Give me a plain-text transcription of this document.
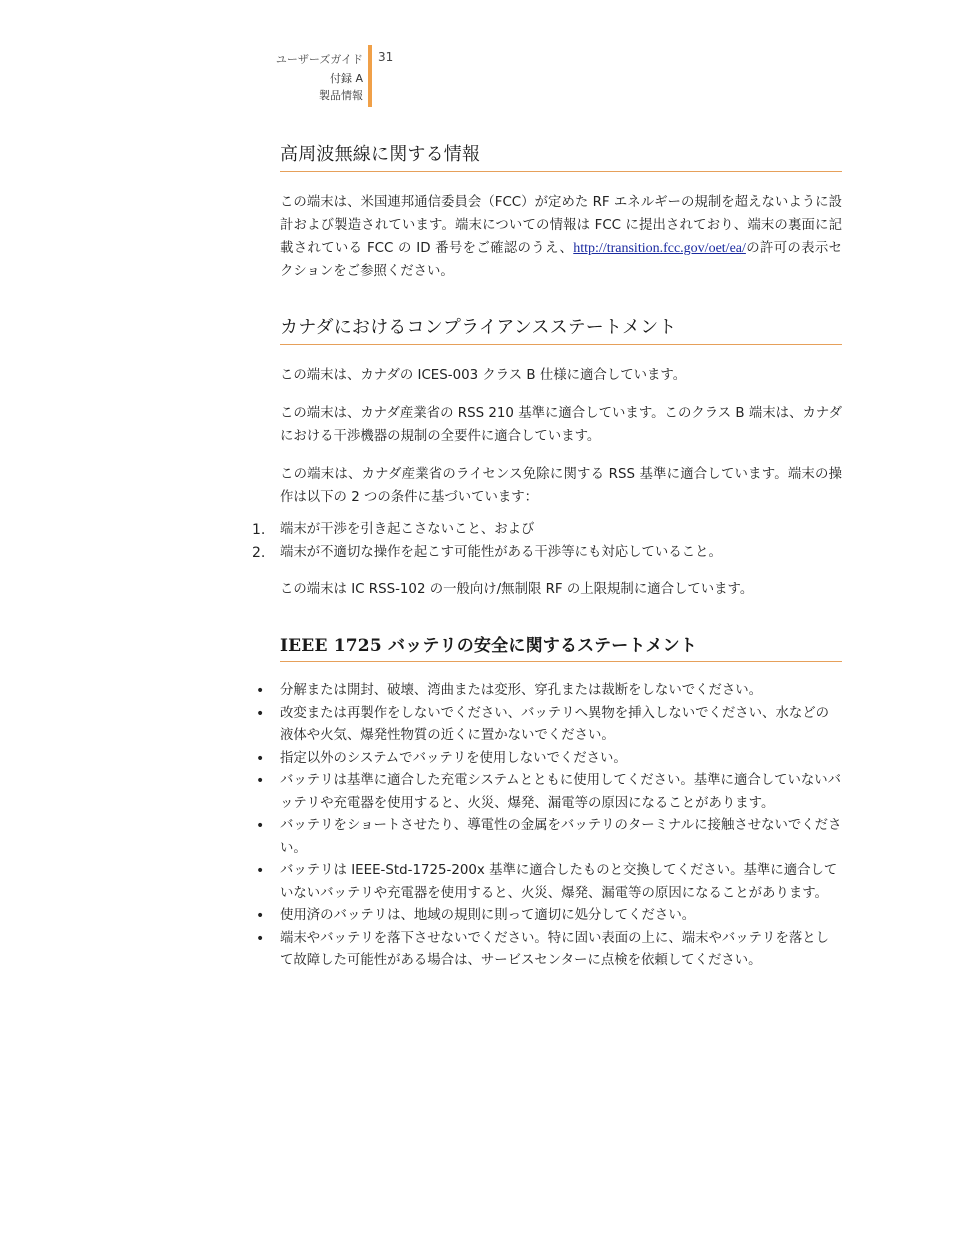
ユーザーズガイド
付録 A
製品情報
31
高周波無線に関する情報

この端末は、米国連邦通信委員会（FCC）が定めた RF エネルギーの規制を超えないように設計および製造されています。端末についての情報は FCC に提出されており、端末の裏面に記載されている FCC の ID 番号をご確認のうえ、http://transition.fcc.gov/oet/ea/の許可の表示セクションをご参照ください。

カナダにおけるコンプライアンスステートメント

この端末は、カナダの ICES-003 クラス B 仕様に適合しています。

この端末は、カナダ産業省の RSS 210 基準に適合しています。このクラス B 端末は、カナダにおける干渉機器の規制の全要件に適合しています。

この端末は、カナダ産業省のライセンス免除に関する RSS 基準に適合しています。端末の操作は以下の 2 つの条件に基づいています：

1.	端末が干渉を引き起こさないこと、および
2.	端末が不適切な操作を起こす可能性がある干渉等にも対応していること。

この端末は IC RSS-102 の一般向け/無制限 RF の上限規制に適合しています。

IEEE 1725 バッテリの安全に関するステートメント
• 分解または開封、破壊、湾曲または変形、穿孔または裁断をしないでください。
• 改変または再製作をしないでください、バッテリへ異物を挿入しないでください、水などの液体や火気、爆発性物質の近くに置かないでください。
• 指定以外のシステムでバッテリを使用しないでください。
• バッテリは基準に適合した充電システムとともに使用してください。基準に適合していないバッテリや充電器を使用すると、火災、爆発、漏電等の原因になることがあります。
• バッテリをショートさせたり、導電性の金属をバッテリのターミナルに接触させないでください。
• バッテリは IEEE-Std-1725-200x 基準に適合したものと交換してください。基準に適合していないバッテリや充電器を使用すると、火災、爆発、漏電等の原因になることがあります。
• 使用済のバッテリは、地域の規則に則って適切に処分してください。
• 端末やバッテリを落下させないでください。特に固い表面の上に、端末やバッテリを落として故障した可能性がある場合は、サービスセンターに点検を依頼してください。
